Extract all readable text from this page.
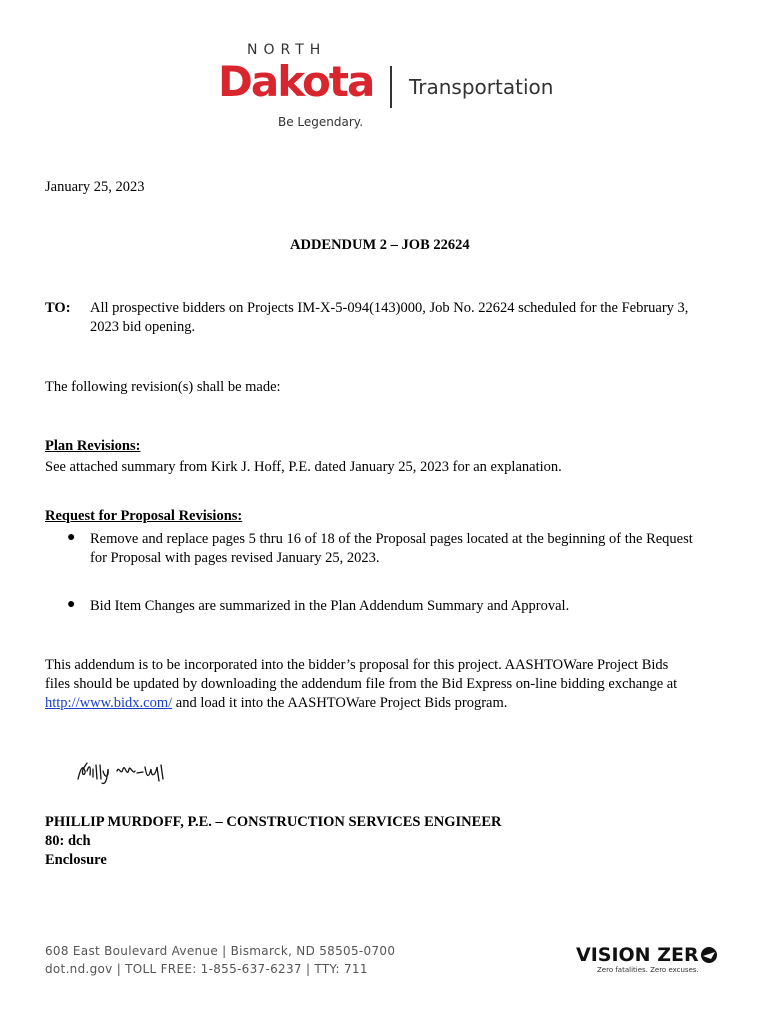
NORTH
Dakota Transportation
Be Legendary.
January 25, 2023
ADDENDUM 2 – JOB 22624
TO: All prospective bidders on Projects IM-X-5-094(143)000, Job No. 22624 scheduled for the February 3,
2023 bid opening.
The following revision(s) shall be made:
Plan Revisions:
See attached summary from Kirk J. Hoff, P.E. dated January 25, 2023 for an explanation.
Request for Proposal Revisions:
● Remove and replace pages 5 thru 16 of 18 of the Proposal pages located at the beginning of the Request
for Proposal with pages revised January 25, 2023.
● Bid Item Changes are summarized in the Plan Addendum Summary and Approval.
This addendum is to be incorporated into the bidder’s proposal for this project. AASHTOWare Project Bids
files should be updated by downloading the addendum file from the Bid Express on-line bidding exchange at
http://www.bidx.com/ and load it into the AASHTOWare Project Bids program.
PHILLIP MURDOFF, P.E. – CONSTRUCTION SERVICES ENGINEER
80: dch
Enclosure
608 East Boulevard Avenue | Bismarck, ND 58505-0700
dot.nd.gov | TOLL FREE: 1-855-637-6237 | TTY: 711
VISION ZER
Zero fatalities. Zero excuses.
